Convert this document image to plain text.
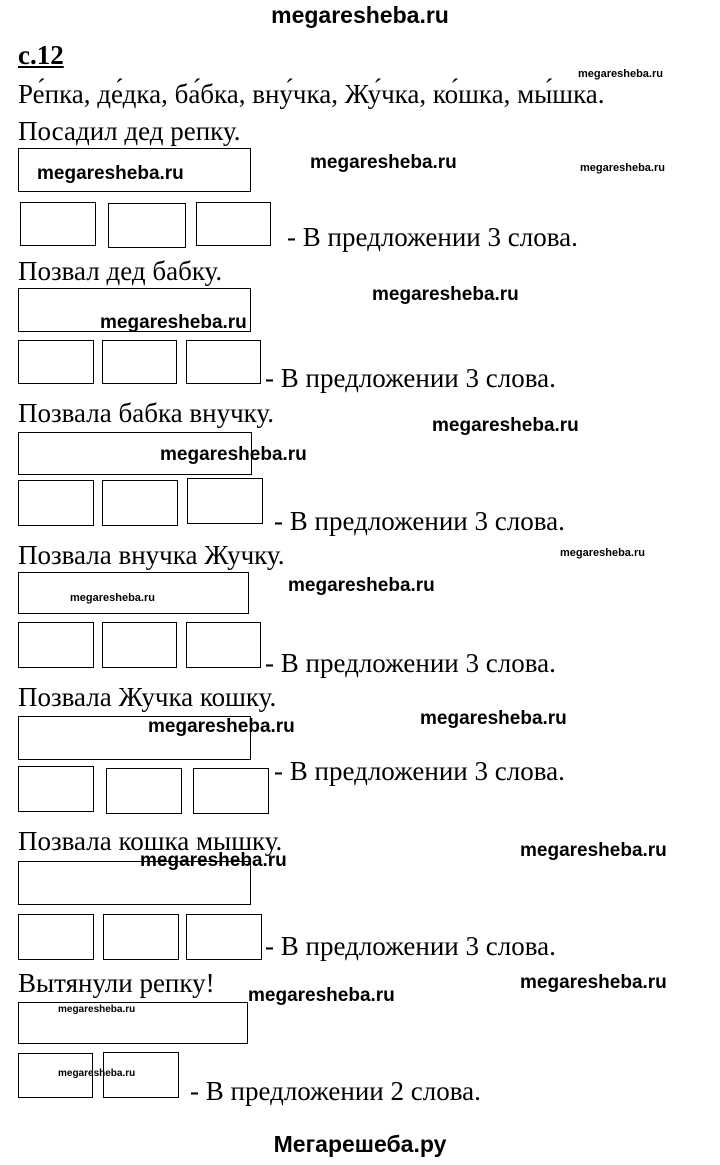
megaresheba.ru
с.12
megaresheba.ru
Ре́пка, де́дка, ба́бка, вну́чка, Жу́чка, ко́шка, мы́шка.
Посадил дед репку.
megaresheba.ru
megaresheba.ru	megaresheba.ru
- В предложении 3 слова.
Позвал дед бабку.
megaresheba.ru
megaresheba.ru
- В предложении 3 слова.
Позвала бабка внучку.	megaresheba.ru
megaresheba.ru
- В предложении 3 слова.
Позвала внучка Жучку.	megaresheba.ru
megaresheba.ru
megaresheba.ru
- В предложении 3 слова.
Позвала Жучка кошку.
megaresheba.ru
megaresheba.ru
- В предложении 3 слова.
Позвала кошка мышку.	megaresheba.ru
megaresheba.ru
- В предложении 3 слова.
Вытянули репку! megaresheba.ru
megaresheba.ru
megaresheba.ru
megaresheba.ru
- В предложении 2 слова.
Мегарешеба.ру
